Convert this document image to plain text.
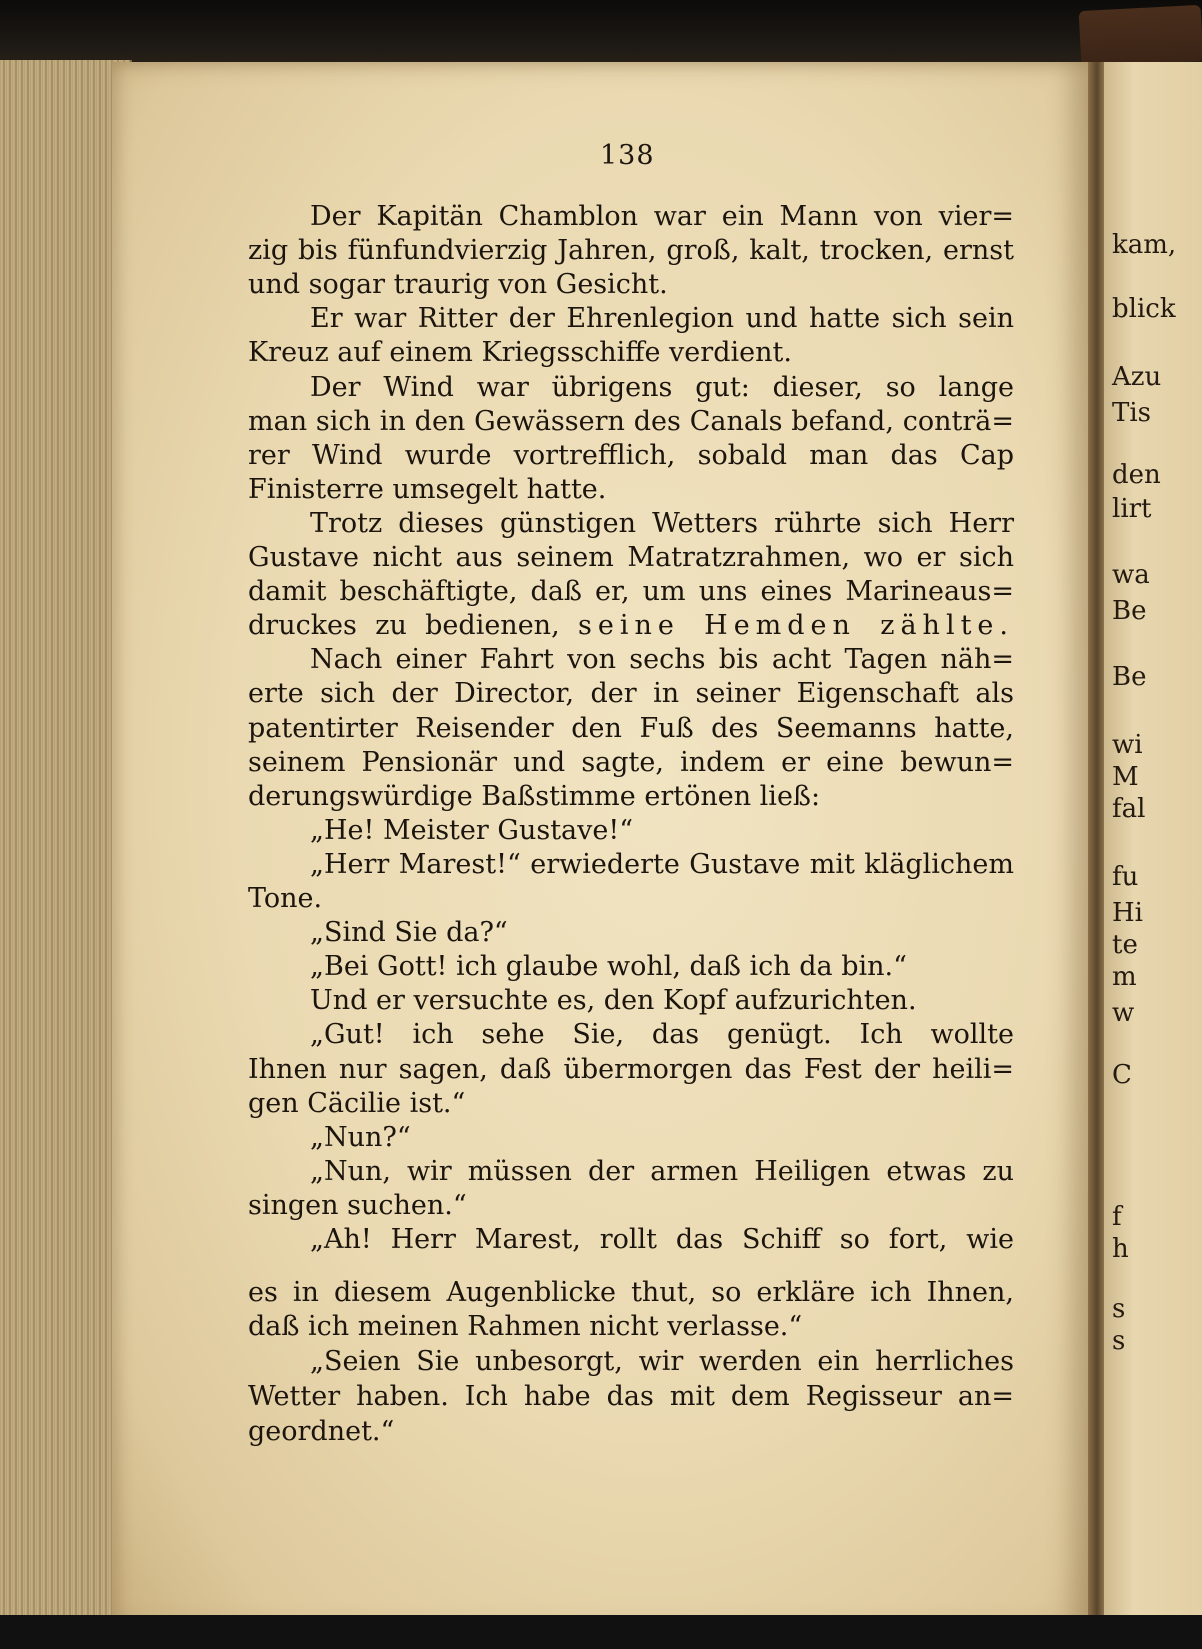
kam,
blick
Azu
Tis
den
lirt
wa
Be
Be
wi
M
fal
fu
Hi
te
m
w
C
f
h
s
s
138
Der Kapitän Chamblon war ein Mann von vier=
zig bis fünfundvierzig Jahren, groß, kalt, trocken, ernst
und sogar traurig von Gesicht.
Er war Ritter der Ehrenlegion und hatte sich sein
Kreuz auf einem Kriegsschiffe verdient.
Der Wind war übrigens gut: dieser, so lange
man sich in den Gewässern des Canals befand, conträ=
rer Wind wurde vortrefflich, sobald man das Cap
Finisterre umsegelt hatte.
Trotz dieses günstigen Wetters rührte sich Herr
Gustave nicht aus seinem Matratzrahmen, wo er sich
damit beschäftigte, daß er, um uns eines Marineaus=
druckes zu bedienen, seine Hemden zählte.
Nach einer Fahrt von sechs bis acht Tagen näh=
erte sich der Director, der in seiner Eigenschaft als
patentirter Reisender den Fuß des Seemanns hatte,
seinem Pensionär und sagte, indem er eine bewun=
derungswürdige Baßstimme ertönen ließ:
„He! Meister Gustave!“
„Herr Marest!“ erwiederte Gustave mit kläglichem
Tone.
„Sind Sie da?“
„Bei Gott! ich glaube wohl, daß ich da bin.“
Und er versuchte es, den Kopf aufzurichten.
„Gut! ich sehe Sie, das genügt. Ich wollte
Ihnen nur sagen, daß übermorgen das Fest der heili=
gen Cäcilie ist.“
„Nun?“
„Nun, wir müssen der armen Heiligen etwas zu
singen suchen.“
„Ah! Herr Marest, rollt das Schiff so fort, wie
es in diesem Augenblicke thut, so erkläre ich Ihnen,
daß ich meinen Rahmen nicht verlasse.“
„Seien Sie unbesorgt, wir werden ein herrliches
Wetter haben. Ich habe das mit dem Regisseur an=
geordnet.“
